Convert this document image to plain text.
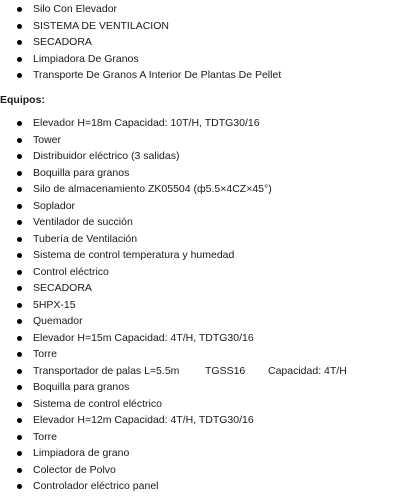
Silo Con Elevador
SISTEMA DE VENTILACION
SECADORA
Limpiadora De Granos
Transporte De Granos A Interior De Plantas De Pellet
Equipos:
Elevador H=18m Capacidad: 10T/H, TDTG30/16
Tower
Distribuidor eléctrico (3 salidas)
Boquilla para granos
Silo de almacenamiento ZK05504 (ф5.5×4CZ×45°)
Soplador
Ventilador de succión
Tubería de Ventilación
Sistema de control temperatura y humedad
Control eléctrico
SECADORA
5HPX-15
Quemador
Elevador H=15m Capacidad: 4T/H, TDTG30/16
Torre
Transportador de palas L=5.5m TGSS16 Capacidad: 4T/H
Boquilla para granos
Sistema de control eléctrico
Elevador H=12m Capacidad: 4T/H, TDTG30/16
Torre
Limpiadora de grano
Colector de Polvo
Controlador eléctrico panel
